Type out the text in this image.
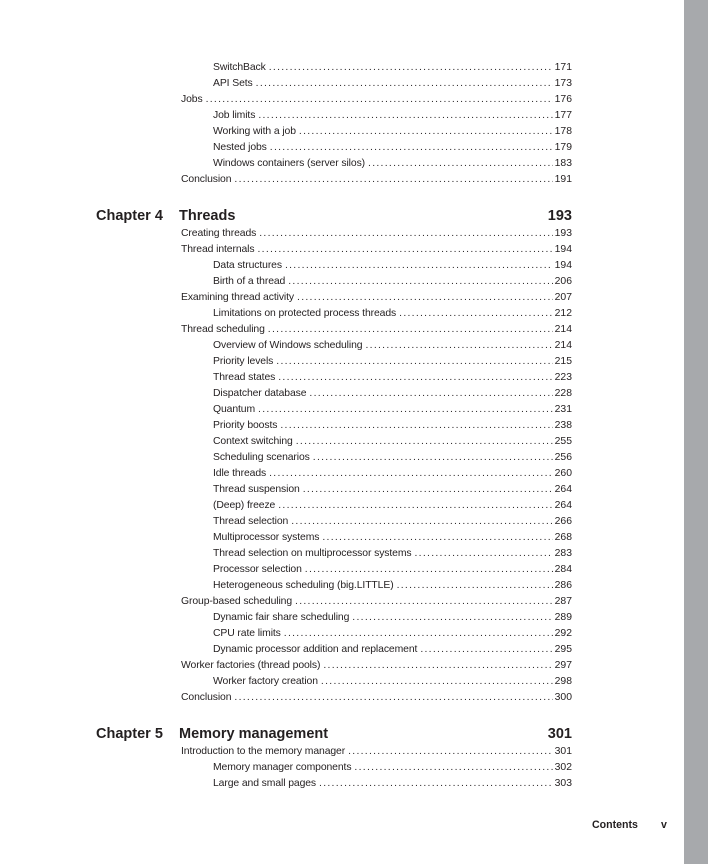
SwitchBack . . .	171
API Sets . . .	173
Jobs . . .	176
Job limits . . .	177
Working with a job . . .	178
Nested jobs . . .	179
Windows containers (server silos) . . .	183
Conclusion . . .	191
Chapter 4	Threads	193
Creating threads . . .	193
Thread internals . . .	194
Data structures . . .	194
Birth of a thread . . .	206
Examining thread activity . . .	207
Limitations on protected process threads . . .	212
Thread scheduling . . .	214
Overview of Windows scheduling . . .	214
Priority levels . . .	215
Thread states . . .	223
Dispatcher database . . .	228
Quantum . . .	231
Priority boosts . . .	238
Context switching . . .	255
Scheduling scenarios . . .	256
Idle threads . . .	260
Thread suspension . . .	264
(Deep) freeze . . .	264
Thread selection . . .	266
Multiprocessor systems . . .	268
Thread selection on multiprocessor systems . . .	283
Processor selection . . .	284
Heterogeneous scheduling (big.LITTLE) . . .	286
Group-based scheduling . . .	287
Dynamic fair share scheduling . . .	289
CPU rate limits . . .	292
Dynamic processor addition and replacement . . .	295
Worker factories (thread pools) . . .	297
Worker factory creation . . .	298
Conclusion . . .	300
Chapter 5	Memory management	301
Introduction to the memory manager . . .	301
Memory manager components . . .	302
Large and small pages . . .	303
Contents v
